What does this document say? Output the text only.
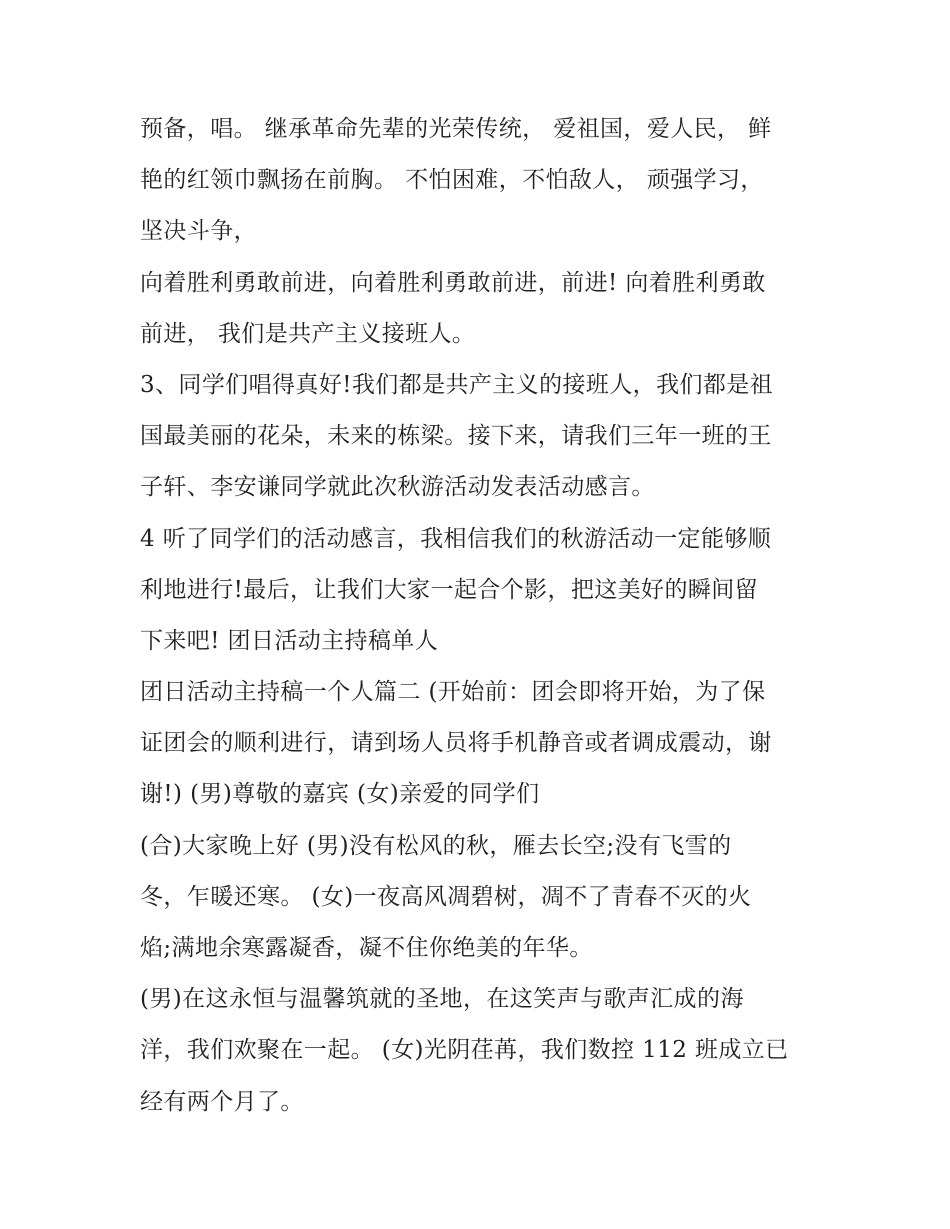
预备，唱。 继承革命先辈的光荣传统， 爱祖国，爱人民， 鲜
艳的红领巾飘扬在前胸。 不怕困难，不怕敌人， 顽强学习，
坚决斗争，
向着胜利勇敢前进，向着胜利勇敢前进，前进! 向着胜利勇敢
前进， 我们是共产主义接班人。
3、同学们唱得真好!我们都是共产主义的接班人，我们都是祖
国最美丽的花朵，未来的栋梁。接下来，请我们三年一班的王
子轩、李安谦同学就此次秋游活动发表活动感言。
4 听了同学们的活动感言，我相信我们的秋游活动一定能够顺
利地进行!最后，让我们大家一起合个影，把这美好的瞬间留
下来吧! 团日活动主持稿单人
团日活动主持稿一个人篇二 (开始前：团会即将开始，为了保
证团会的顺利进行，请到场人员将手机静音或者调成震动，谢
谢!) (男)尊敬的嘉宾 (女)亲爱的同学们
(合)大家晚上好 (男)没有松风的秋，雁去长空;没有飞雪的
冬，乍暖还寒。 (女)一夜高风凋碧树，凋不了青春不灭的火
焰;满地余寒露凝香，凝不住你绝美的年华。
(男)在这永恒与温馨筑就的圣地，在这笑声与歌声汇成的海
洋，我们欢聚在一起。 (女)光阴荏苒，我们数控 112 班成立已
经有两个月了。
